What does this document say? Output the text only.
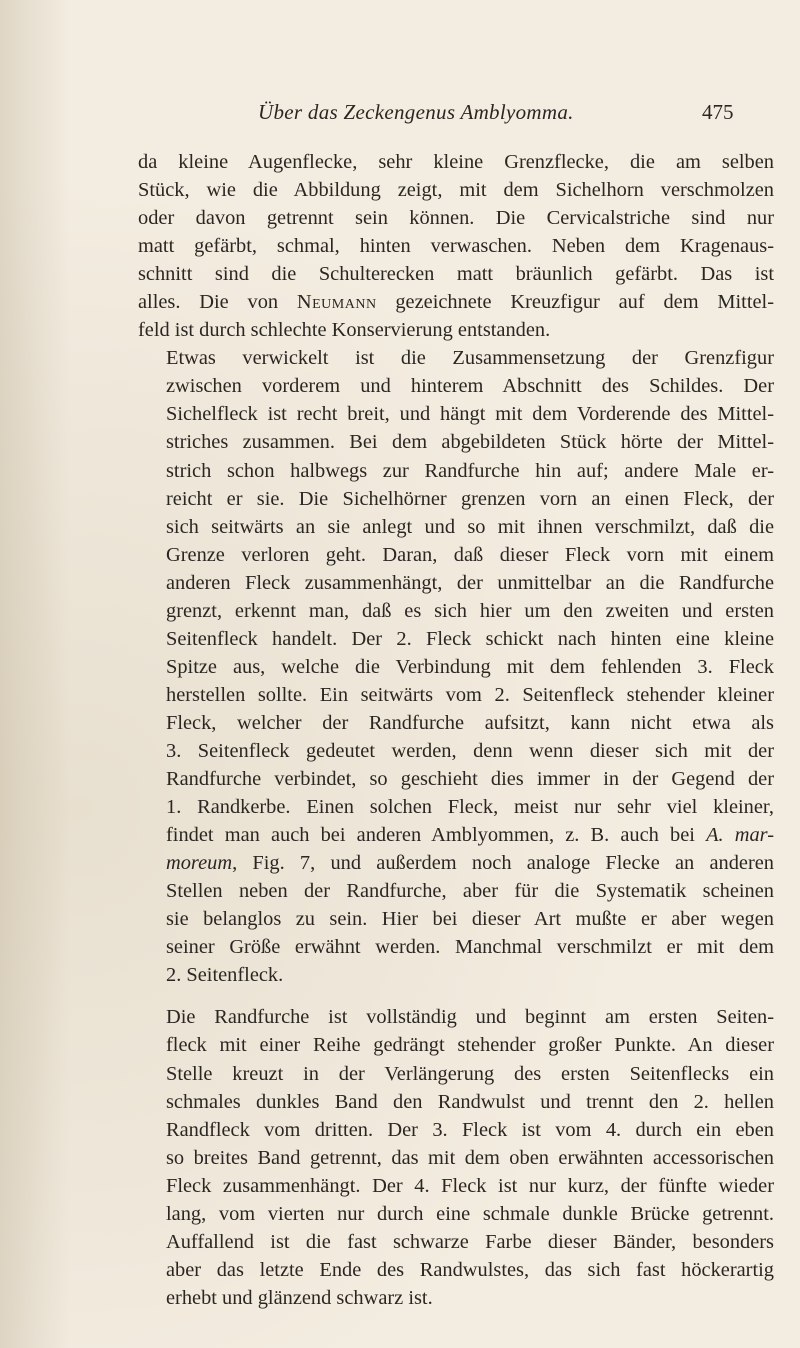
Über das Zeckengenus Amblyomma.	475

da kleine Augenflecke, sehr kleine Grenzflecke, die am selben
Stück, wie die Abbildung zeigt, mit dem Sichelhorn verschmolzen
oder davon getrennt sein können. Die Cervicalstriche sind nur
matt gefärbt, schmal, hinten verwaschen. Neben dem Kragenaus-
schnitt sind die Schulterecken matt bräunlich gefärbt. Das ist
alles. Die von Neumann gezeichnete Kreuzfigur auf dem Mittel-
feld ist durch schlechte Konservierung entstanden.

Etwas verwickelt ist die Zusammensetzung der Grenzfigur
zwischen vorderem und hinterem Abschnitt des Schildes. Der
Sichelfleck ist recht breit, und hängt mit dem Vorderende des Mittel-
striches zusammen. Bei dem abgebildeten Stück hörte der Mittel-
strich schon halbwegs zur Randfurche hin auf; andere Male er-
reicht er sie. Die Sichelhörner grenzen vorn an einen Fleck, der
sich seitwärts an sie anlegt und so mit ihnen verschmilzt, daß die
Grenze verloren geht. Daran, daß dieser Fleck vorn mit einem
anderen Fleck zusammenhängt, der unmittelbar an die Randfurche
grenzt, erkennt man, daß es sich hier um den zweiten und ersten
Seitenfleck handelt. Der 2. Fleck schickt nach hinten eine kleine
Spitze aus, welche die Verbindung mit dem fehlenden 3. Fleck
herstellen sollte. Ein seitwärts vom 2. Seitenfleck stehender kleiner
Fleck, welcher der Randfurche aufsitzt, kann nicht etwa als
3. Seitenfleck gedeutet werden, denn wenn dieser sich mit der
Randfurche verbindet, so geschieht dies immer in der Gegend der
1. Randkerbe. Einen solchen Fleck, meist nur sehr viel kleiner,
findet man auch bei anderen Amblyommen, z. B. auch bei A. mar-
moreum, Fig. 7, und außerdem noch analoge Flecke an anderen
Stellen neben der Randfurche, aber für die Systematik scheinen
sie belanglos zu sein. Hier bei dieser Art mußte er aber wegen
seiner Größe erwähnt werden. Manchmal verschmilzt er mit dem
2. Seitenfleck.

Die Randfurche ist vollständig und beginnt am ersten Seiten-
fleck mit einer Reihe gedrängt stehender großer Punkte. An dieser
Stelle kreuzt in der Verlängerung des ersten Seitenflecks ein
schmales dunkles Band den Randwulst und trennt den 2. hellen
Randfleck vom dritten. Der 3. Fleck ist vom 4. durch ein eben
so breites Band getrennt, das mit dem oben erwähnten accessorischen
Fleck zusammenhängt. Der 4. Fleck ist nur kurz, der fünfte wieder
lang, vom vierten nur durch eine schmale dunkle Brücke getrennt.
Auffallend ist die fast schwarze Farbe dieser Bänder, besonders
aber das letzte Ende des Randwulstes, das sich fast höckerartig
erhebt und glänzend schwarz ist.
